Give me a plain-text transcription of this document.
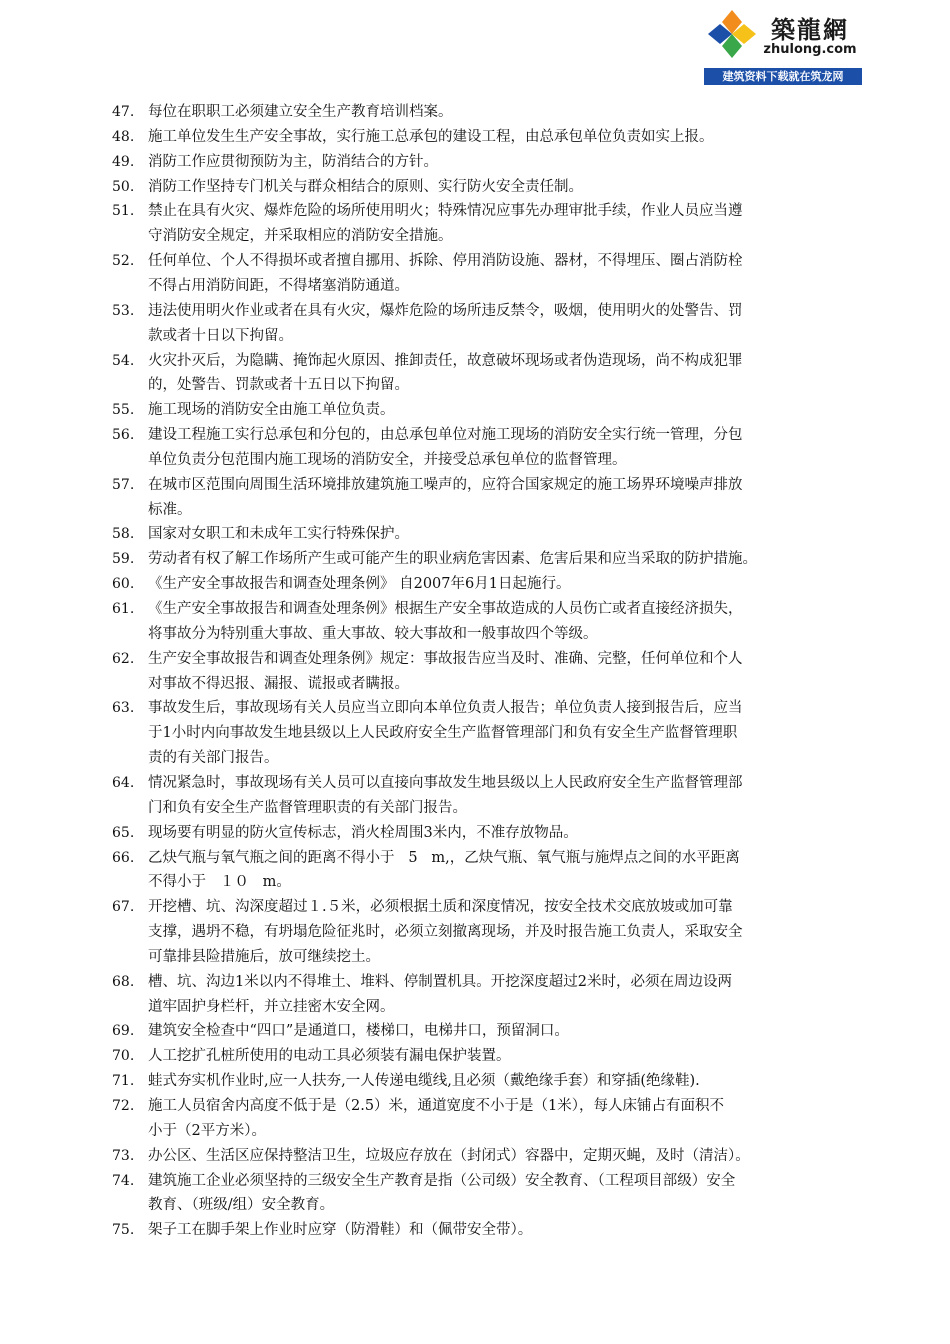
築龍網
zhulong.com
建筑资料下载就在筑龙网
47. 每位在职职工必须建立安全生产教育培训档案。
48. 施工单位发生生产安全事故，实行施工总承包的建设工程，由总承包单位负责如实上报。
49. 消防工作应贯彻预防为主，防消结合的方针。
50. 消防工作坚持专门机关与群众相结合的原则、实行防火安全责任制。
51. 禁止在具有火灾、爆炸危险的场所使用明火；特殊情况应事先办理审批手续，作业人员应当遵
守消防安全规定，并采取相应的消防安全措施。
52. 任何单位、个人不得损坏或者擅自挪用、拆除、停用消防设施、器材，不得埋压、圈占消防栓
不得占用消防间距，不得堵塞消防通道。
53. 违法使用明火作业或者在具有火灾，爆炸危险的场所违反禁令，吸烟，使用明火的处警告、罚
款或者十日以下拘留。
54. 火灾扑灭后，为隐瞒、掩饰起火原因、推卸责任，故意破坏现场或者伪造现场，尚不构成犯罪
的，处警告、罚款或者十五日以下拘留。
55. 施工现场的消防安全由施工单位负责。
56. 建设工程施工实行总承包和分包的，由总承包单位对施工现场的消防安全实行统一管理，分包
单位负责分包范围内施工现场的消防安全，并接受总承包单位的监督管理。
57. 在城市区范围向周围生活环境排放建筑施工噪声的，应符合国家规定的施工场界环境噪声排放
标准。
58. 国家对女职工和未成年工实行特殊保护。
59. 劳动者有权了解工作场所产生或可能产生的职业病危害因素、危害后果和应当采取的防护措施。
60. 《生产安全事故报告和调查处理条例》 自2007年6月1日起施行。
61. 《生产安全事故报告和调查处理条例》根据生产安全事故造成的人员伤亡或者直接经济损失，
将事故分为特别重大事故、重大事故、较大事故和一般事故四个等级。
62. 生产安全事故报告和调查处理条例》规定：事故报告应当及时、准确、完整，任何单位和个人
对事故不得迟报、漏报、谎报或者瞒报。
63. 事故发生后，事故现场有关人员应当立即向本单位负责人报告；单位负责人接到报告后，应当
于1小时内向事故发生地县级以上人民政府安全生产监督管理部门和负有安全生产监督管理职
责的有关部门报告。
64. 情况紧急时，事故现场有关人员可以直接向事故发生地县级以上人民政府安全生产监督管理部
门和负有安全生产监督管理职责的有关部门报告。
65. 现场要有明显的防火宣传标志，消火栓周围3米内，不准存放物品。
66. 乙炔气瓶与氧气瓶之间的距离不得小于   5   m,，乙炔气瓶、氧气瓶与施焊点之间的水平距离
不得小于   １０   m。
67. 开挖槽、坑、沟深度超过１.５米，必须根据土质和深度情况，按安全技术交底放坡或加可靠
支撑，遇坍不稳，有坍塌危险征兆时，必须立刻撤离现场，并及时报告施工负责人，采取安全
可靠排县险措施后，放可继续挖土。
68. 槽、坑、沟边1米以内不得堆土、堆料、停制置机具。开挖深度超过2米时，必须在周边设两
道牢固护身栏杆，并立挂密木安全网。
69. 建筑安全检查中“四口”是通道口，楼梯口，电梯井口，预留洞口。
70. 人工挖扩孔桩所使用的电动工具必须装有漏电保护装置。
71. 蛙式夯实机作业时,应一人扶夯,一人传递电缆线,且必须（戴绝缘手套）和穿插(绝缘鞋).
72. 施工人员宿舍内高度不低于是（2.5）米，通道宽度不小于是（1米），每人床铺占有面积不
小于（2平方米）。
73. 办公区、生活区应保持整洁卫生，垃圾应存放在（封闭式）容器中，定期灭蝇，及时（清洁）。
74. 建筑施工企业必须坚持的三级安全生产教育是指（公司级）安全教育、（工程项目部级）安全
教育、（班级/组）安全教育。
75. 架子工在脚手架上作业时应穿（防滑鞋）和（佩带安全带）。
